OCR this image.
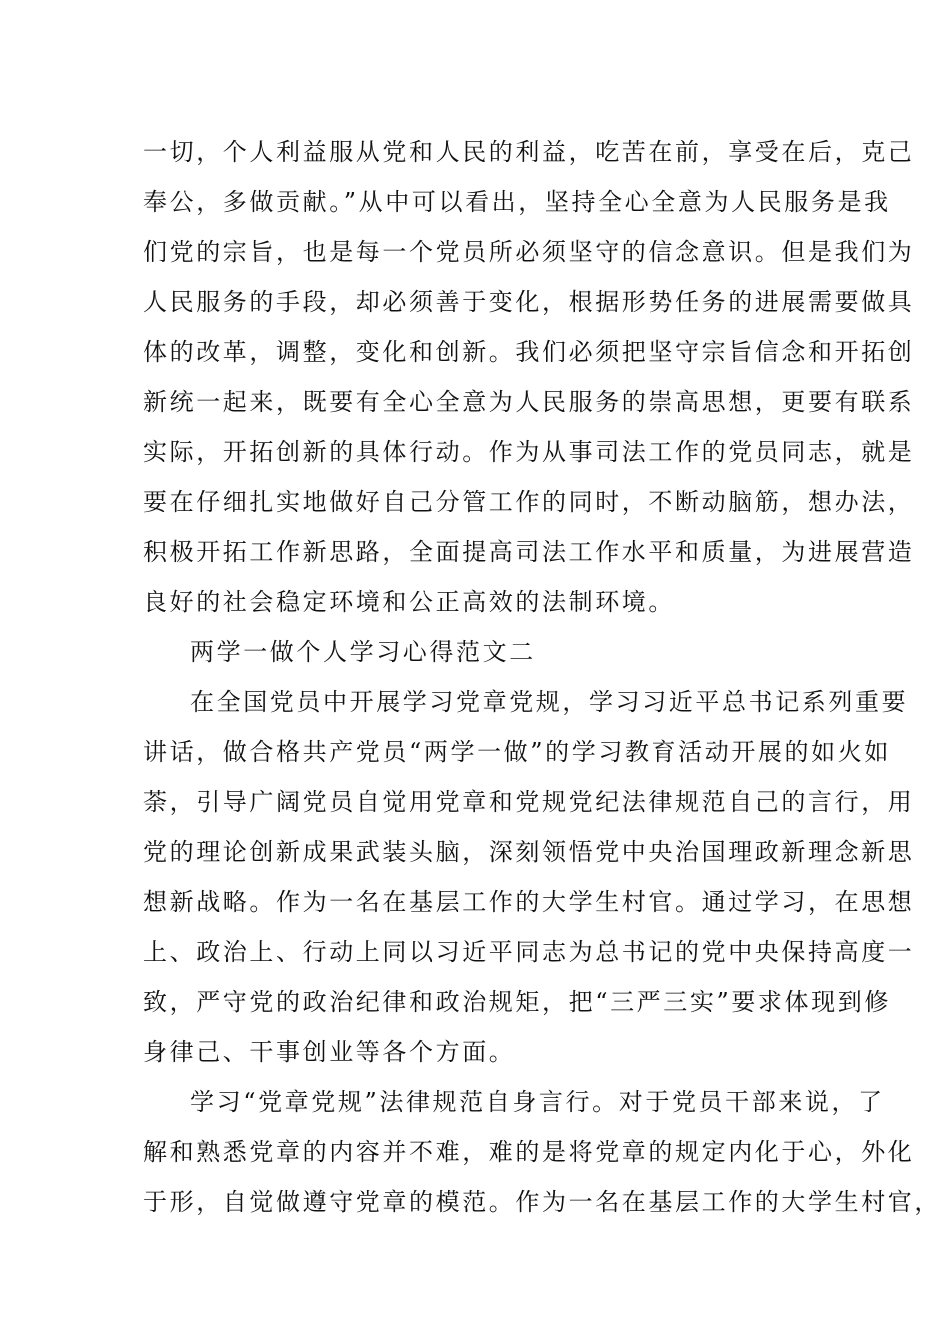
一切，个人利益服从党和人民的利益，吃苦在前，享受在后，克己
奉公，多做贡献。”从中可以看出，坚持全心全意为人民服务是我
们党的宗旨，也是每一个党员所必须坚守的信念意识。但是我们为
人民服务的手段，却必须善于变化，根据形势任务的进展需要做具
体的改革，调整，变化和创新。我们必须把坚守宗旨信念和开拓创
新统一起来，既要有全心全意为人民服务的崇高思想，更要有联系
实际，开拓创新的具体行动。作为从事司法工作的党员同志，就是
要在仔细扎实地做好自己分管工作的同时，不断动脑筋，想办法，
积极开拓工作新思路，全面提高司法工作水平和质量，为进展营造
良好的社会稳定环境和公正高效的法制环境。
两学一做个人学习心得范文二
在全国党员中开展学习党章党规，学习习近平总书记系列重要
讲话，做合格共产党员“两学一做”的学习教育活动开展的如火如
荼，引导广阔党员自觉用党章和党规党纪法律规范自己的言行，用
党的理论创新成果武装头脑，深刻领悟党中央治国理政新理念新思
想新战略。作为一名在基层工作的大学生村官。通过学习，在思想
上、政治上、行动上同以习近平同志为总书记的党中央保持高度一
致，严守党的政治纪律和政治规矩，把“三严三实”要求体现到修
身律己、干事创业等各个方面。
学习“党章党规”法律规范自身言行。对于党员干部来说，了
解和熟悉党章的内容并不难，难的是将党章的规定内化于心，外化
于形，自觉做遵守党章的模范。作为一名在基层工作的大学生村官，
